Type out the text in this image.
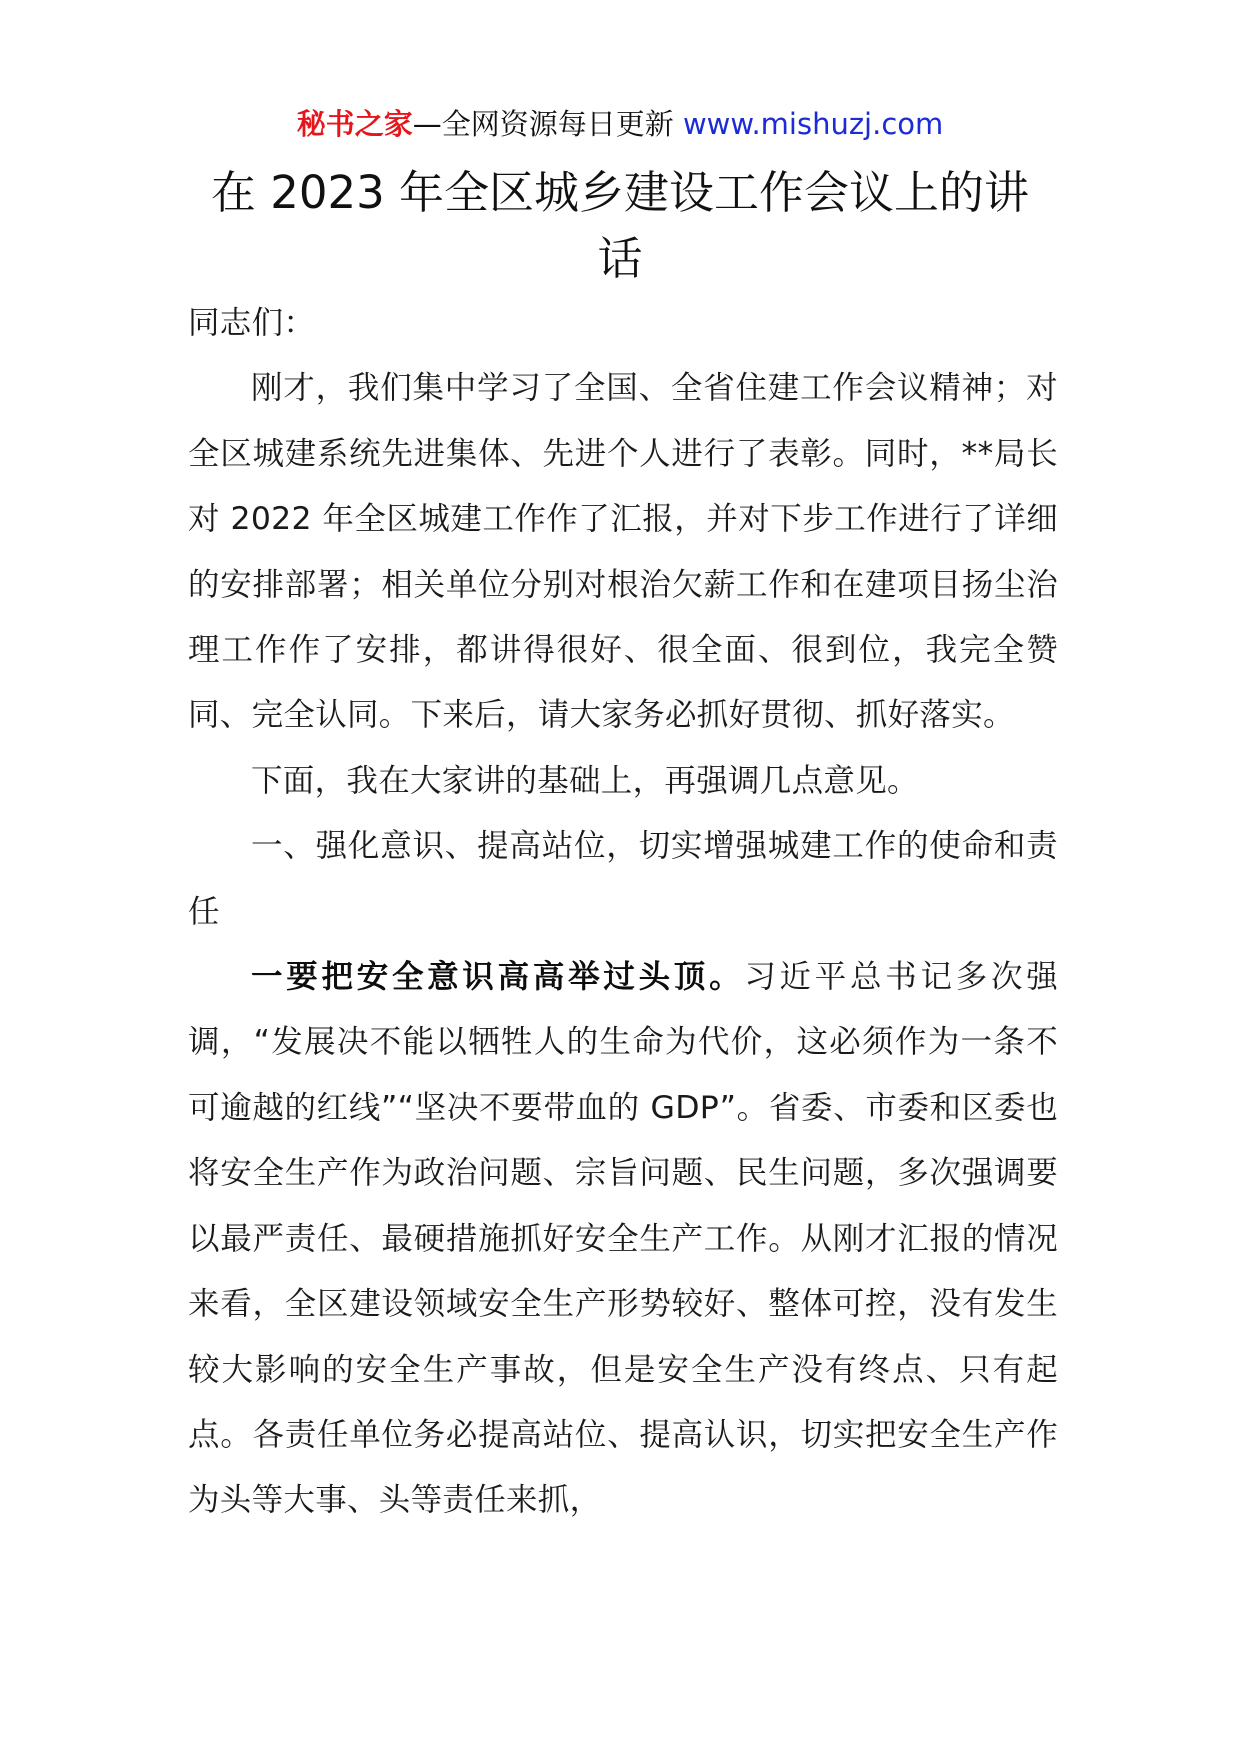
秘书之家—全网资源每日更新 www.mishuzj.com
在 2023 年全区城乡建设工作会议上的讲话

同志们：

刚才，我们集中学习了全国、全省住建工作会议精神；对全区城建系统先进集体、先进个人进行了表彰。同时，**局长对 2022 年全区城建工作作了汇报，并对下步工作进行了详细的安排部署；相关单位分别对根治欠薪工作和在建项目扬尘治理工作作了安排，都讲得很好、很全面、很到位，我完全赞同、完全认同。下来后，请大家务必抓好贯彻、抓好落实。

下面，我在大家讲的基础上，再强调几点意见。

一、强化意识、提高站位，切实增强城建工作的使命和责任

一要把安全意识高高举过头顶。习近平总书记多次强调，“发展决不能以牺牲人的生命为代价，这必须作为一条不可逾越的红线”“坚决不要带血的 GDP”。省委、市委和区委也将安全生产作为政治问题、宗旨问题、民生问题，多次强调要以最严责任、最硬措施抓好安全生产工作。从刚才汇报的情况来看，全区建设领域安全生产形势较好、整体可控，没有发生较大影响的安全生产事故，但是安全生产没有终点、只有起点。各责任单位务必提高站位、提高认识，切实把安全生产作为头等大事、头等责任来抓，
